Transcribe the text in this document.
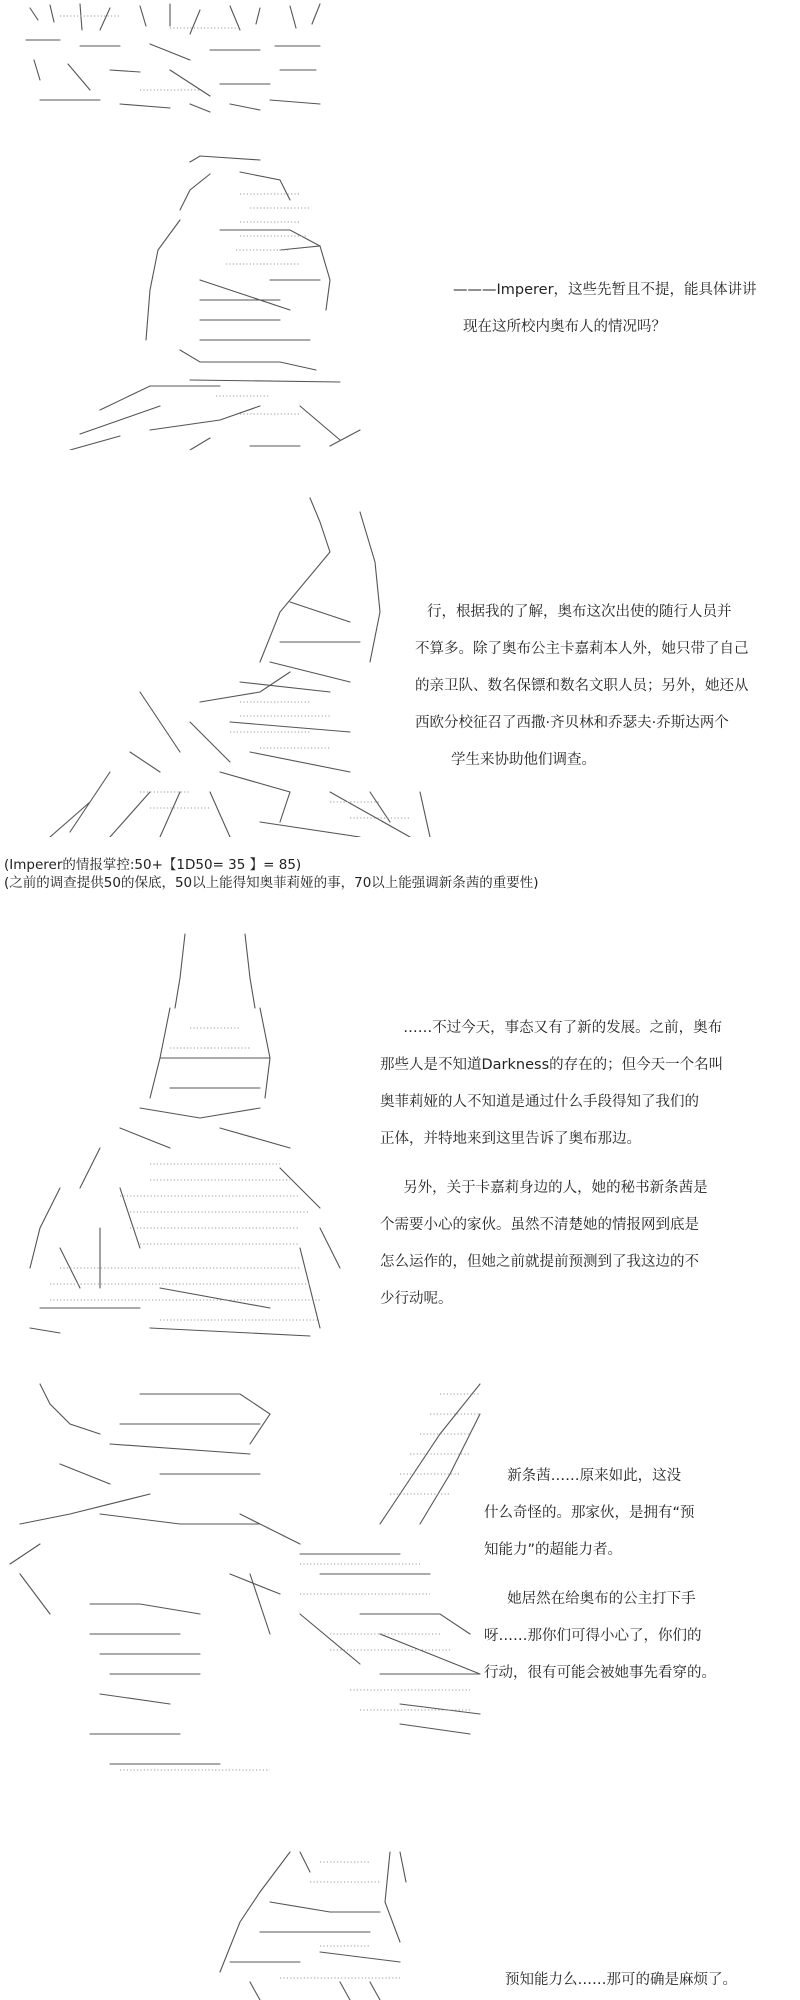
———Imperer，这些先暂且不提，能具体讲讲

现在这所校内奥布人的情况吗？

行，根据我的了解，奥布这次出使的随行人员并

不算多。除了奥布公主卡嘉莉本人外，她只带了自己

的亲卫队、数名保镖和数名文职人员；另外，她还从

西欧分校征召了西撒·齐贝林和乔瑟夫·乔斯达两个

学生来协助他们调查。

(Imperer的情报掌控:50+【1D50= 35 】= 85)
(之前的调查提供50的保底，50以上能得知奥菲莉娅的事，70以上能强调新条茜的重要性)

……不过今天，事态又有了新的发展。之前，奥布

那些人是不知道Darkness的存在的；但今天一个名叫

奥菲莉娅的人不知道是通过什么手段得知了我们的

正体，并特地来到这里告诉了奥布那边。

另外，关于卡嘉莉身边的人，她的秘书新条茜是

个需要小心的家伙。虽然不清楚她的情报网到底是

怎么运作的，但她之前就提前预测到了我这边的不

少行动呢。

新条茜……原来如此，这没

什么奇怪的。那家伙，是拥有“预

知能力”的超能力者。

她居然在给奥布的公主打下手

呀……那你们可得小心了，你们的

行动，很有可能会被她事先看穿的。

预知能力么……那可的确是麻烦了。
